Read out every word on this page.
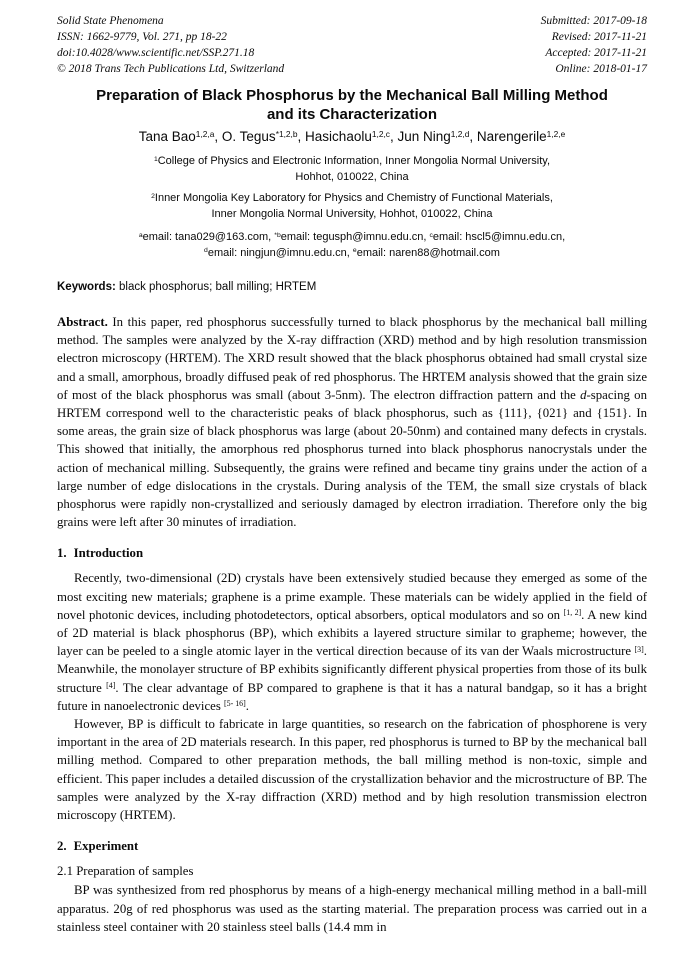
Solid State Phenomena
ISSN: 1662-9779, Vol. 271, pp 18-22
doi:10.4028/www.scientific.net/SSP.271.18
© 2018 Trans Tech Publications Ltd, Switzerland
Submitted: 2017-09-18
Revised: 2017-11-21
Accepted: 2017-11-21
Online: 2018-01-17
Preparation of Black Phosphorus by the Mechanical Ball Milling Method
and its Characterization
Tana Bao$^{1,2,a}$, O. Tegus$^{*1,2,b}$, Hasichaolu$^{1,2,c}$, Jun Ning$^{1,2,d}$, Narengerile$^{1,2,e}$
$^1$College of Physics and Electronic Information, Inner Mongolia Normal University,
Hohhot, 010022, China
$^2$Inner Mongolia Key Laboratory for Physics and Chemistry of Functional Materials,
Inner Mongolia Normal University, Hohhot, 010022, China
$^a$email: tana029@163.com, $^{*b}$email: tegusph@imnu.edu.cn, $^c$email: hscl5@imnu.edu.cn,
$^d$email: ningjun@imnu.edu.cn, $^e$email: naren88@hotmail.com
Keywords: black phosphorus; ball milling; HRTEM

Abstract. In this paper, red phosphorus successfully turned to black phosphorus by the mechanical ball milling method. The samples were analyzed by the X-ray diffraction (XRD) method and by high resolution transmission electron microscopy (HRTEM). The XRD result showed that the black phosphorus obtained had small crystal size and a small, amorphous, broadly diffused peak of red phosphorus. The HRTEM analysis showed that the grain size of most of the black phosphorus was small (about 3-5nm). The electron diffraction pattern and the d-spacing on HRTEM correspond well to the characteristic peaks of black phosphorus, such as {111}, {021} and {151}. In some areas, the grain size of black phosphorus was large (about 20-50nm) and contained many defects in crystals. This showed that initially, the amorphous red phosphorus turned into black phosphorus nanocrystals under the action of mechanical milling. Subsequently, the grains were refined and became tiny grains under the action of a large number of edge dislocations in the crystals. During analysis of the TEM, the small size crystals of black phosphorus were rapidly non-crystallized and seriously damaged by electron irradiation. Therefore only the big grains were left after 30 minutes of irradiation.

1. Introduction

Recently, two-dimensional (2D) crystals have been extensively studied because they emerged as some of the most exciting new materials; graphene is a prime example. These materials can be widely applied in the field of novel photonic devices, including photodetectors, optical absorbers, optical modulators and so on [1, 2]. A new kind of 2D material is black phosphorus (BP), which exhibits a layered structure similar to grapheme; however, the layer can be peeled to a single atomic layer in the vertical direction because of its van der Waals microstructure [3]. Meanwhile, the monolayer structure of BP exhibits significantly different physical properties from those of its bulk structure [4]. The clear advantage of BP compared to graphene is that it has a natural bandgap, so it has a bright future in nanoelectronic devices [5- 16].

However, BP is difficult to fabricate in large quantities, so research on the fabrication of phosphorene is very important in the area of 2D materials research. In this paper, red phosphorus is turned to BP by the mechanical ball milling method. Compared to other preparation methods, the ball milling method is non-toxic, simple and efficient. This paper includes a detailed discussion of the crystallization behavior and the microstructure of BP. The samples were analyzed by the X-ray diffraction (XRD) method and by high resolution transmission electron microscopy (HRTEM).

2. Experiment
2.1 Preparation of samples

BP was synthesized from red phosphorus by means of a high-energy mechanical milling method in a ball-mill apparatus. 20g of red phosphorus was used as the starting material. The preparation process was carried out in a stainless steel container with 20 stainless steel balls (14.4 mm in
